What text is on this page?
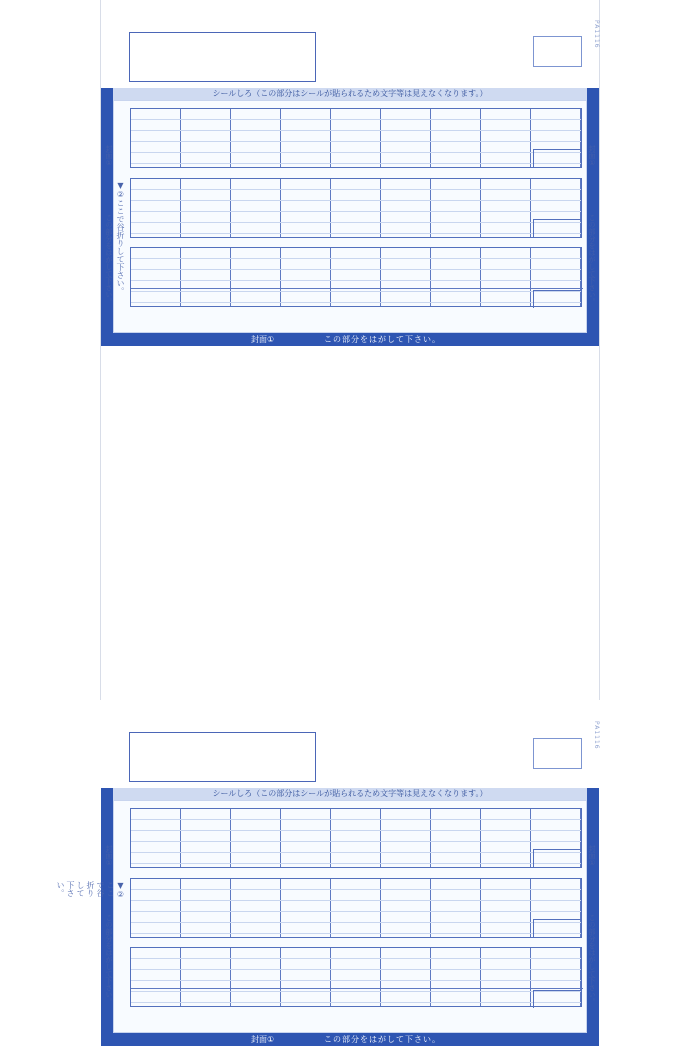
PA1116
シールしろ（この部分はシールが貼られるため文字等は見えなくなります。）
封面①	封面①
この部分をはがして下さい。	この部分をはがして下さい。
▼②ここで谷折りして下さい。
封面①	この部分をはがして下さい。
PA1116
シールしろ（この部分はシールが貼られるため文字等は見えなくなります。）
封面①	封面①
この部分をはがして下さい。	この部分をはがして下さい。
▼②ここで谷折りして下さい。
封面①	この部分をはがして下さい。
